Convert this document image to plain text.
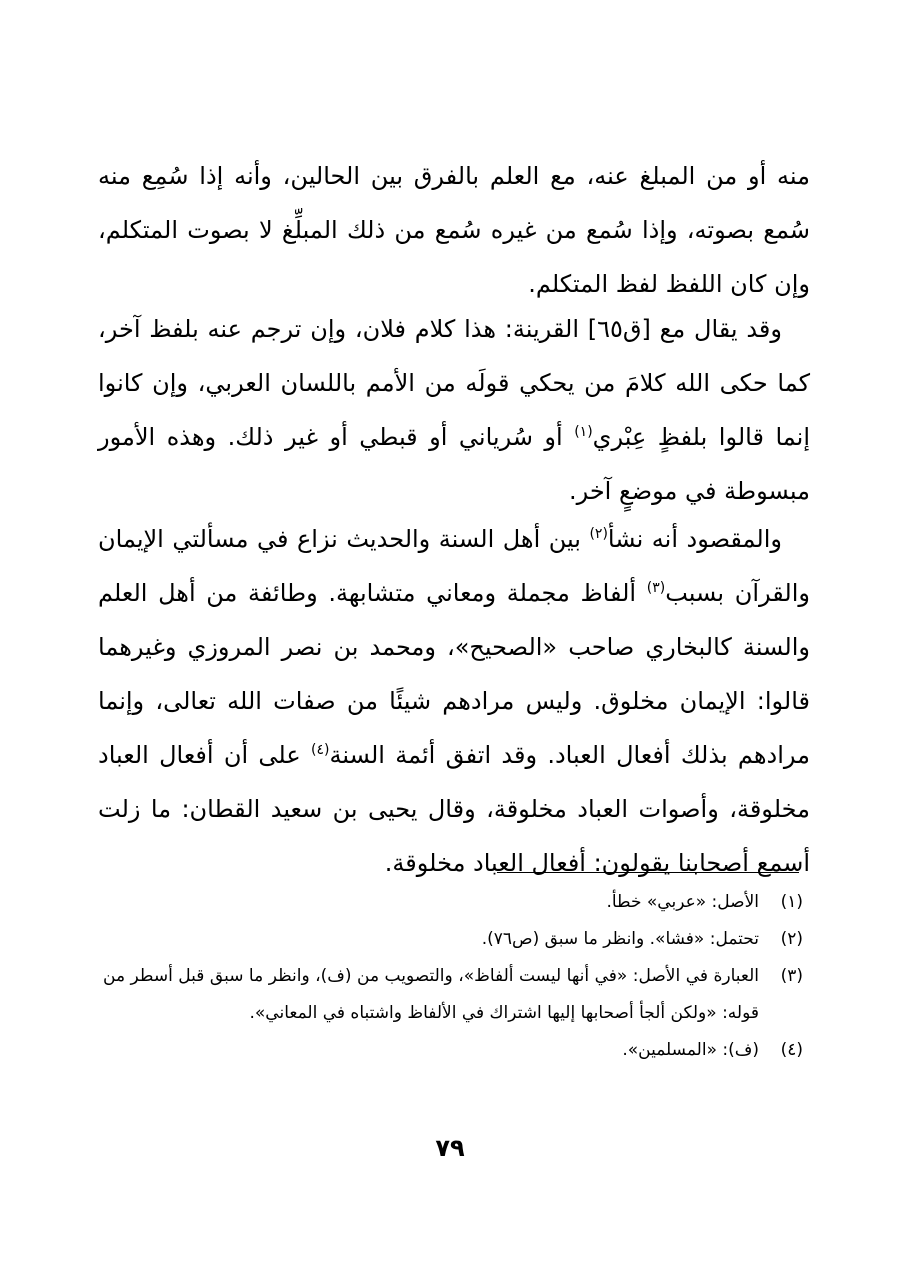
منه أو من المبلغ عنه، مع العلم بالفرق بين الحالين، وأنه إذا سُمِع منه سُمع بصوته، وإذا سُمع من غيره سُمع من ذلك المبلِّغ لا بصوت المتكلم، وإن كان اللفظ لفظ المتكلم.

وقد يقال مع [ق٦٥] القرينة: هذا كلام فلان، وإن ترجم عنه بلفظ آخر، كما حكى الله كلامَ من يحكي قولَه من الأمم باللسان العربي، وإن كانوا إنما قالوا بلفظٍ عِبْري$^{(١)}$ أو سُرياني أو قبطي أو غير ذلك. وهذه الأمور مبسوطة في موضعٍ آخر.

والمقصود أنه نشأ$^{(٢)}$ بين أهل السنة والحديث نزاع في مسألتي الإيمان والقرآن بسبب$^{(٣)}$ ألفاظ مجملة ومعاني متشابهة. وطائفة من أهل العلم والسنة كالبخاري صاحب «الصحيح»، ومحمد بن نصر المروزي وغيرهما قالوا: الإيمان مخلوق. وليس مرادهم شيئًا من صفات الله تعالى، وإنما مرادهم بذلك أفعال العباد. وقد اتفق أئمة السنة$^{(٤)}$ على أن أفعال العباد مخلوقة، وأصوات العباد مخلوقة، وقال يحيى بن سعيد القطان: ما زلت أسمع أصحابنا يقولون: أفعال العباد مخلوقة.

(١)
الأصل: «عربي» خطأ.
(٢)
تحتمل: «فشا». وانظر ما سبق (ص٧٦).
(٣)
العبارة في الأصل: «في أنها ليست ألفاظ»، والتصويب من (ف)، وانظر ما سبق قبل أسطر من قوله: «ولكن ألجأ أصحابها إليها اشتراك في الألفاظ واشتباه في المعاني».
(٤)
(ف): «المسلمين».
٧٩
